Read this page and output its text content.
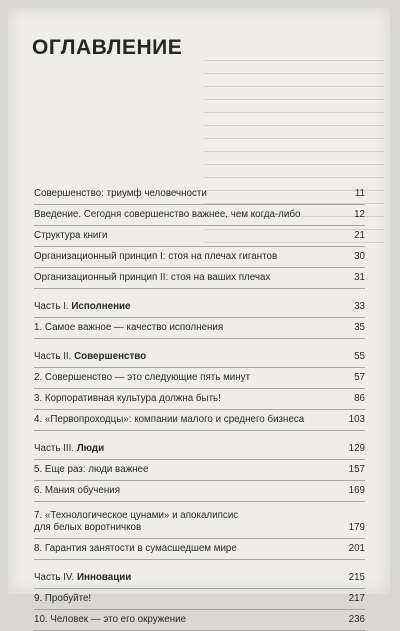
ОГЛАВЛЕНИЕ
Совершенство: триумф человечности	11
Введение. Сегодня совершенство важнее, чем когда-либо	12
Структура книги	21
Организационный принцип I: стоя на плечах гигантов	30
Организационный принцип II: стоя на ваших плечах	31
Часть I. Исполнение	33
1. Самое важное — качество исполнения	35
Часть II. Совершенство	55
2. Совершенство — это следующие пять минут	57
3. Корпоративная культура должна быть!	86
4. «Первопроходцы»: компании малого и среднего бизнеса	103
Часть III. Люди	129
5. Еще раз: люди важнее	157
6. Мания обучения	169
7. «Технологическое цунами» и апокалипсис
для белых воротничков	179
8. Гарантия занятости в сумасшедшем мире	201
Часть IV. Инновации	215
9. Пробуйте!	217
10. Человек — это его окружение	236
